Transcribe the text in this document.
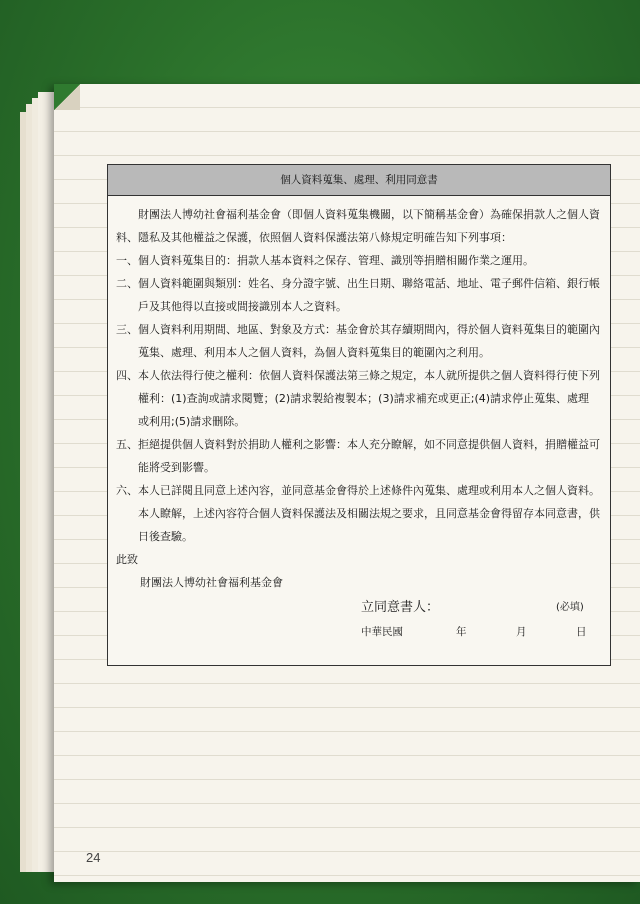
個人資料蒐集、處理、利用同意書

財團法人博幼社會福利基金會（即個人資料蒐集機關，以下簡稱基金會）為確保捐款人之個人資料、隱私及其他權益之保護，依照個人資料保護法第八條規定明確告知下列事項：

一、 個人資料蒐集目的：捐款人基本資料之保存、管理、識別等捐贈相關作業之運用。
二、 個人資料範圍與類別：姓名、身分證字號、出生日期、聯絡電話、地址、電子郵件信箱、銀行帳戶及其他得以直接或間接識別本人之資料。
三、 個人資料利用期間、地區、對象及方式：基金會於其存續期間內，得於個人資料蒐集目的範圍內蒐集、處理、利用本人之個人資料，為個人資料蒐集目的範圍內之利用。
四、 本人依法得行使之權利：依個人資料保護法第三條之規定，本人就所提供之個人資料得行使下列權利：(1)查詢或請求閱覽；(2)請求製給複製本；(3)請求補充或更正;(4)請求停止蒐集、處理或利用;(5)請求刪除。
五、 拒絕提供個人資料對於捐助人權利之影響：本人充分瞭解，如不同意提供個人資料，捐贈權益可能將受到影響。
六、 本人已詳閱且同意上述內容，並同意基金會得於上述條件內蒐集、處理或利用本人之個人資料。本人瞭解，上述內容符合個人資料保護法及相關法規之要求，且同意基金會得留存本同意書，供日後查驗。

此致

財團法人博幼社會福利基金會

立同意書人：	(必填)
中華民國	年	月	日
24
